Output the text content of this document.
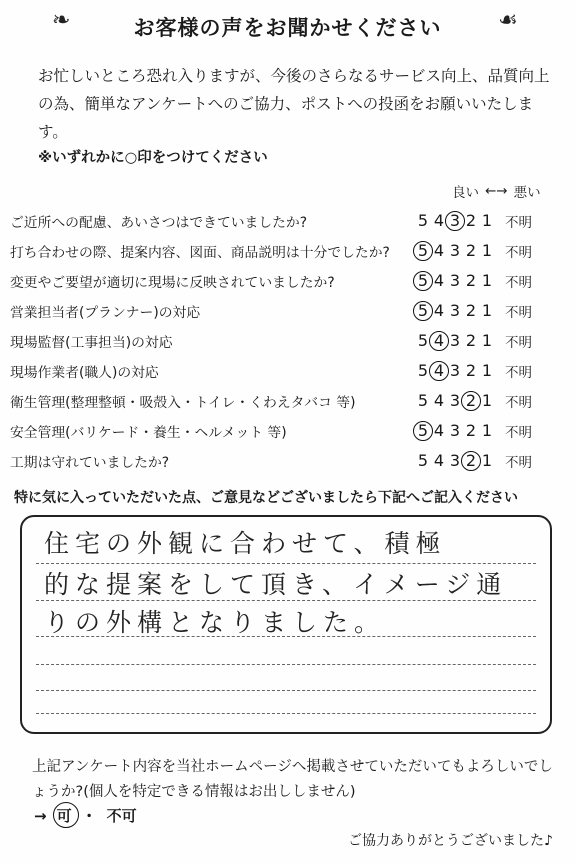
❧	お客様の声をお聞かせください	☙
お忙しいところ恐れ入りますが、今後のさらなるサービス向上、品質向上の為、簡単なアンケートへのご協力、ポストへの投函をお願いいたします。
※いずれかに○印をつけてください
良い ←→ 悪い
ご近所への配慮、あいさつはできていましたか?	5 4 3 2 1 不明
打ち合わせの際、提案内容、図面、商品説明は十分でしたか?	5 4 3 2 1 不明
変更やご要望が適切に現場に反映されていましたか?	5 4 3 2 1 不明
営業担当者(プランナー)の対応	5 4 3 2 1 不明
現場監督(工事担当)の対応	5 4 3 2 1 不明
現場作業者(職人)の対応	5 4 3 2 1 不明
衛生管理(整理整頓・吸殻入・トイレ・くわえタバコ 等)	5 4 3 2 1 不明
安全管理(バリケード・養生・ヘルメット 等)	5 4 3 2 1 不明
工期は守れていましたか?	5 4 3 2 1 不明
特に気に入っていただいた点、ご意見などございましたら下記へご記入ください
住宅の外観に合わせて、積極
的な提案をして頂き、イメージ通
りの外構となりました。
上記アンケート内容を当社ホームページへ掲載させていただいてもよろしいでしょうか?(個人を特定できる情報はお出ししません)
→ 可 ・ 不可
ご協力ありがとうございました♪
